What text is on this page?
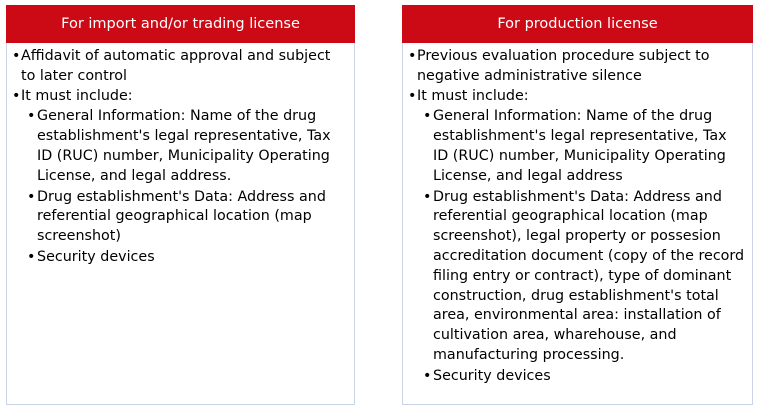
For import and/or trading license
• Affidavit of automatic approval and subject to later control
• It must include:
• General Information: Name of the drug establishment's legal representative, Tax ID (RUC) number, Municipality Operating License, and legal address.
• Drug establishment's Data: Address and referential geographical location (map screenshot)
• Security devices
For production license
• Previous evaluation procedure subject to negative administrative silence
• It must include:
• General Information: Name of the drug establishment's legal representative, Tax ID (RUC) number, Municipality Operating License, and legal address
• Drug establishment's Data: Address and referential geographical location (map screenshot), legal property or possesion accreditation document (copy of the record filing entry or contract), type of dominant construction, drug establishment's total area, environmental area: installation of cultivation area, wharehouse, and manufacturing processing.
• Security devices
